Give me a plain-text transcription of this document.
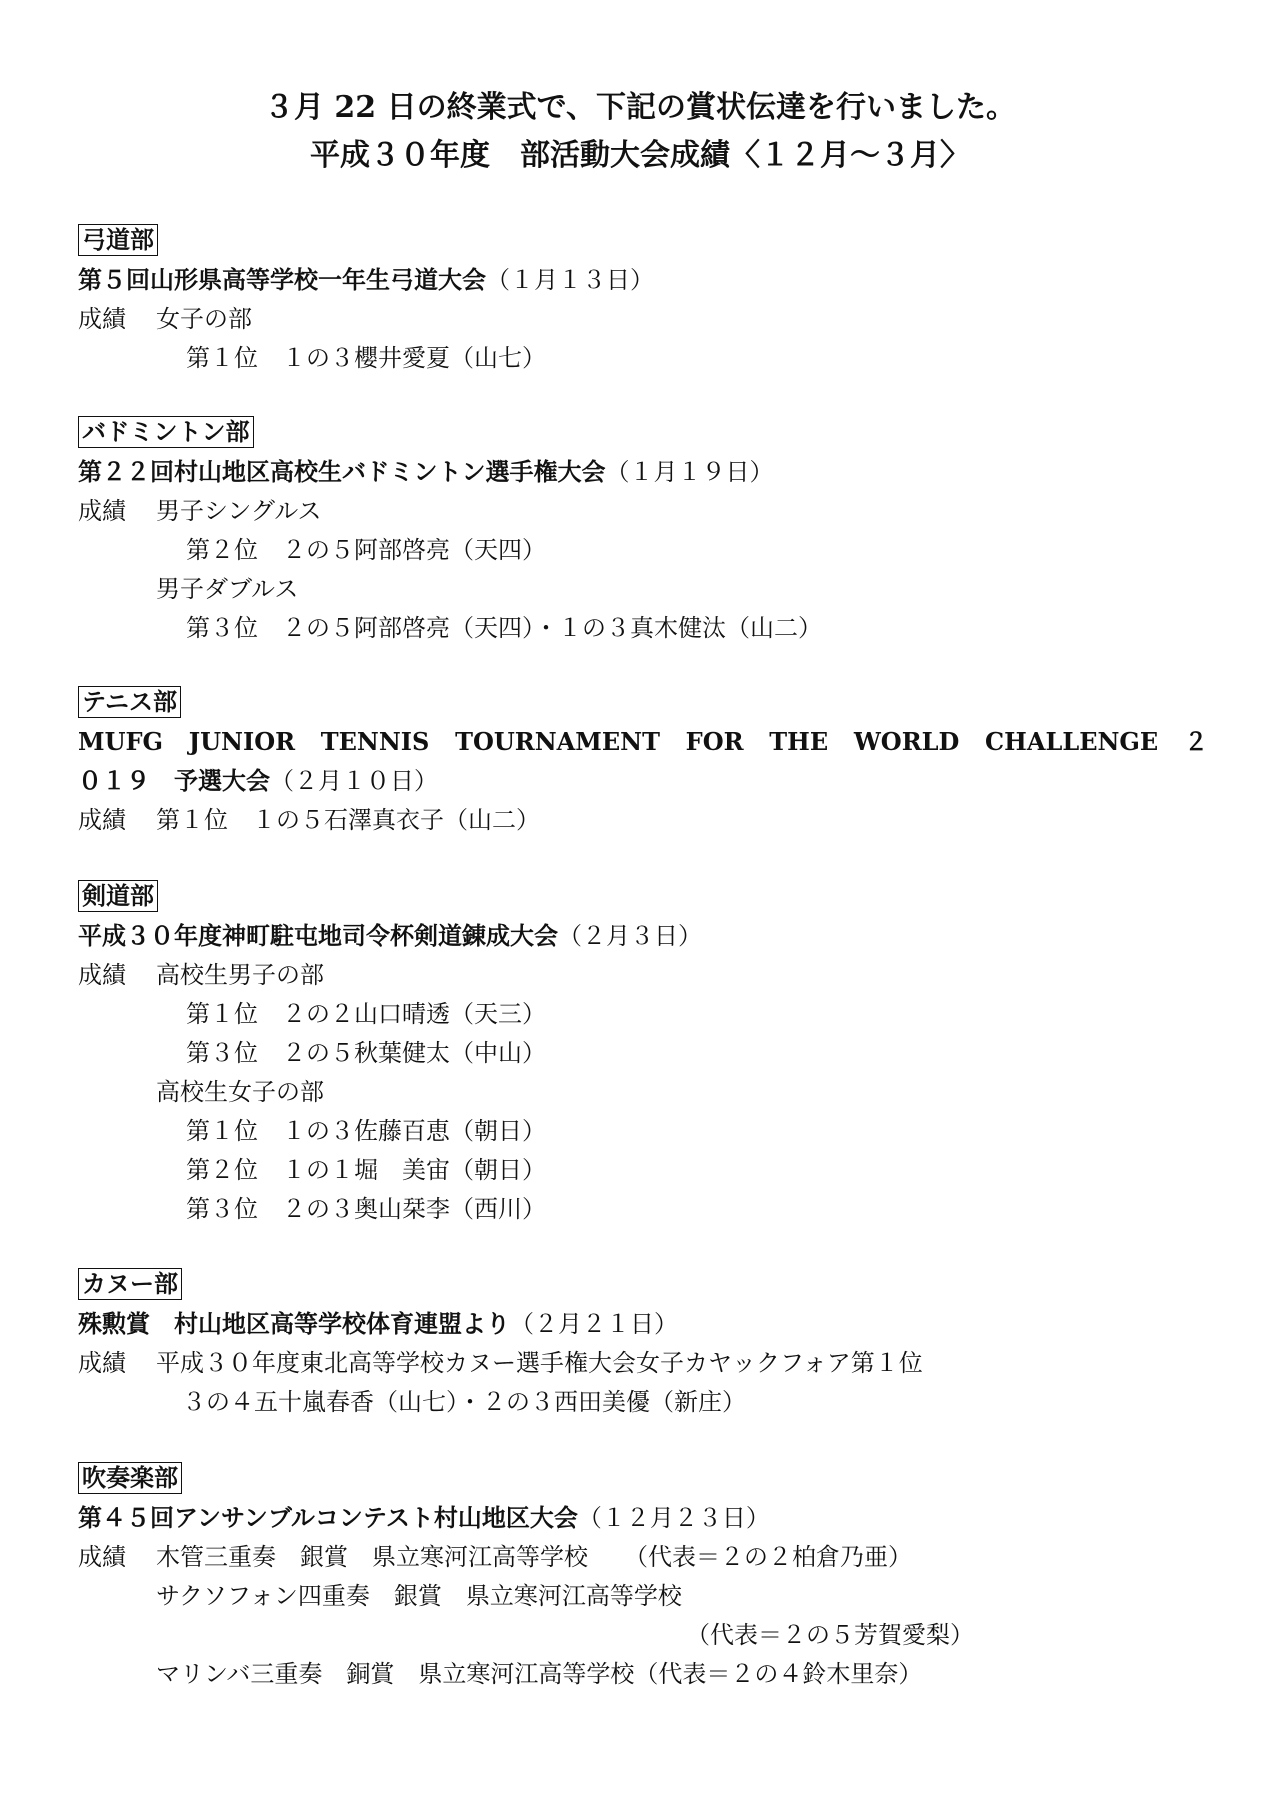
３月 22 日の終業式で、下記の賞状伝達を行いました。
平成３０年度　部活動大会成績〈１２月～３月〉
弓道部
第５回山形県高等学校一年生弓道大会（１月１３日）
成績 女子の部
第１位　１の３櫻井愛夏（山七）
バドミントン部
第２２回村山地区高校生バドミントン選手権大会（１月１９日）
成績 男子シングルス
第２位　２の５阿部啓亮（天四）
男子ダブルス
第３位　２の５阿部啓亮（天四）・１の３真木健汰（山二）
テニス部
MUFG JUNIOR TENNIS TOURNAMENT FOR THE WORLD CHALLENGE ２
０１９　予選大会（２月１０日）
成績 第１位　１の５石澤真衣子（山二）
剣道部
平成３０年度神町駐屯地司令杯剣道錬成大会（２月３日）
成績 高校生男子の部
第１位　２の２山口晴透（天三）
第３位　２の５秋葉健太（中山）
高校生女子の部
第１位　１の３佐藤百恵（朝日）
第２位　１の１堀　美宙（朝日）
第３位　２の３奥山栞李（西川）
カヌー部
殊勲賞　村山地区高等学校体育連盟より（２月２１日）
成績 平成３０年度東北高等学校カヌー選手権大会女子カヤックフォア第１位
３の４五十嵐春香（山七）・２の３西田美優（新庄）
吹奏楽部
第４５回アンサンブルコンテスト村山地区大会（１２月２３日）
成績 木管三重奏　銀賞　県立寒河江高等学校　　（代表＝２の２柏倉乃亜）
サクソフォン四重奏　銀賞　県立寒河江高等学校
（代表＝２の５芳賀愛梨）
マリンバ三重奏　銅賞　県立寒河江高等学校（代表＝２の４鈴木里奈）
